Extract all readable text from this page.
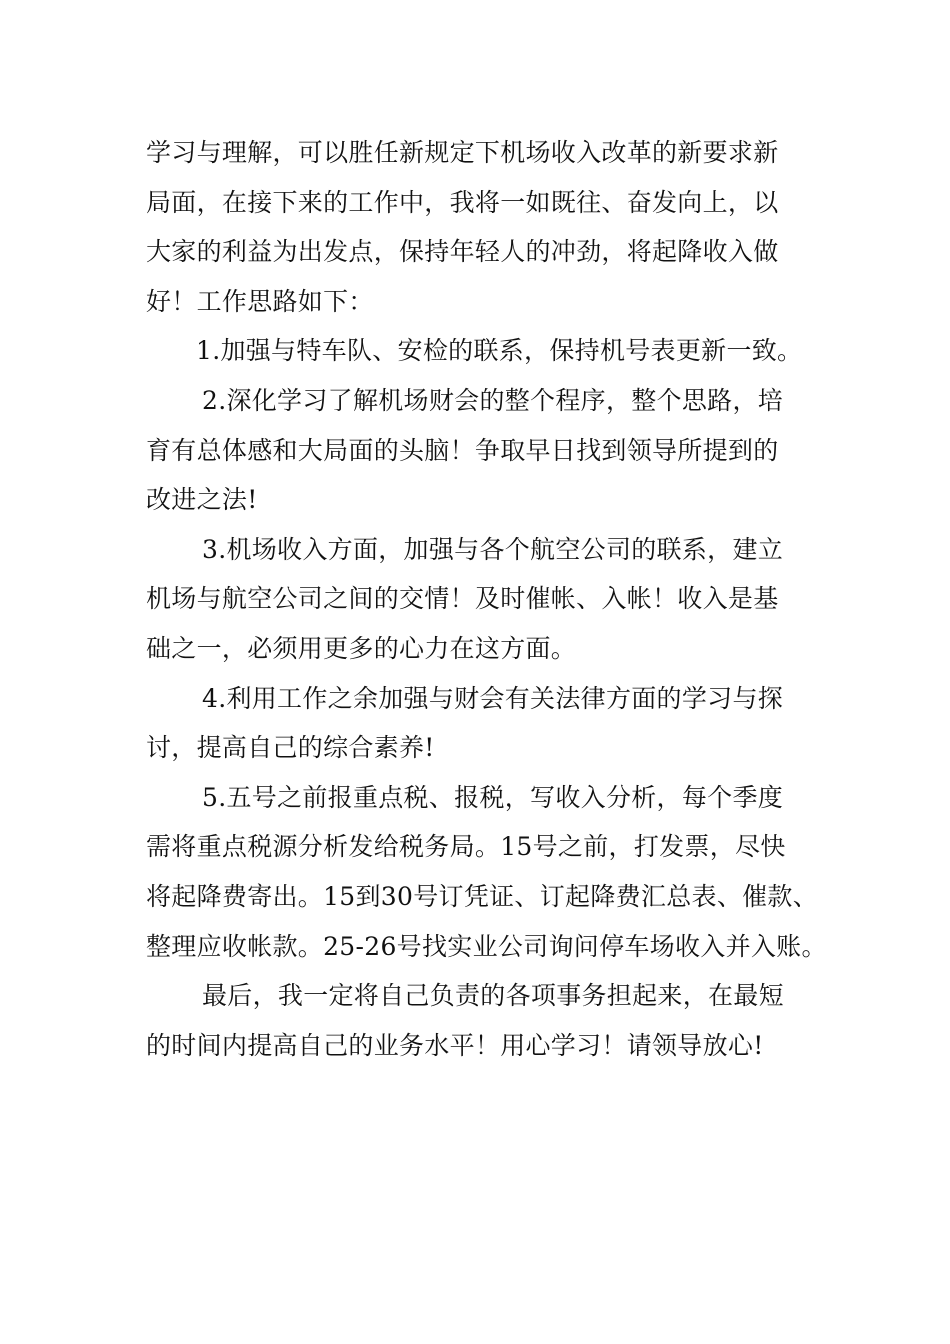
学习与理解，可以胜任新规定下机场收入改革的新要求新
局面，在接下来的工作中，我将一如既往、奋发向上，以
大家的利益为出发点，保持年轻人的冲劲，将起降收入做
好！工作思路如下：
1.加强与特车队、安检的联系，保持机号表更新一致。
2.深化学习了解机场财会的整个程序，整个思路，培
育有总体感和大局面的头脑！争取早日找到领导所提到的
改进之法!
3.机场收入方面，加强与各个航空公司的联系，建立
机场与航空公司之间的交情！及时催帐、入帐！收入是基
础之一，必须用更多的心力在这方面。
4.利用工作之余加强与财会有关法律方面的学习与探
讨，提高自己的综合素养!
5.五号之前报重点税、报税，写收入分析，每个季度
需将重点税源分析发给税务局。15号之前，打发票，尽快
将起降费寄出。15到30号订凭证、订起降费汇总表、催款、
整理应收帐款。25-26号找实业公司询问停车场收入并入账。
最后，我一定将自己负责的各项事务担起来，在最短
的时间内提高自己的业务水平！用心学习！请领导放心!
